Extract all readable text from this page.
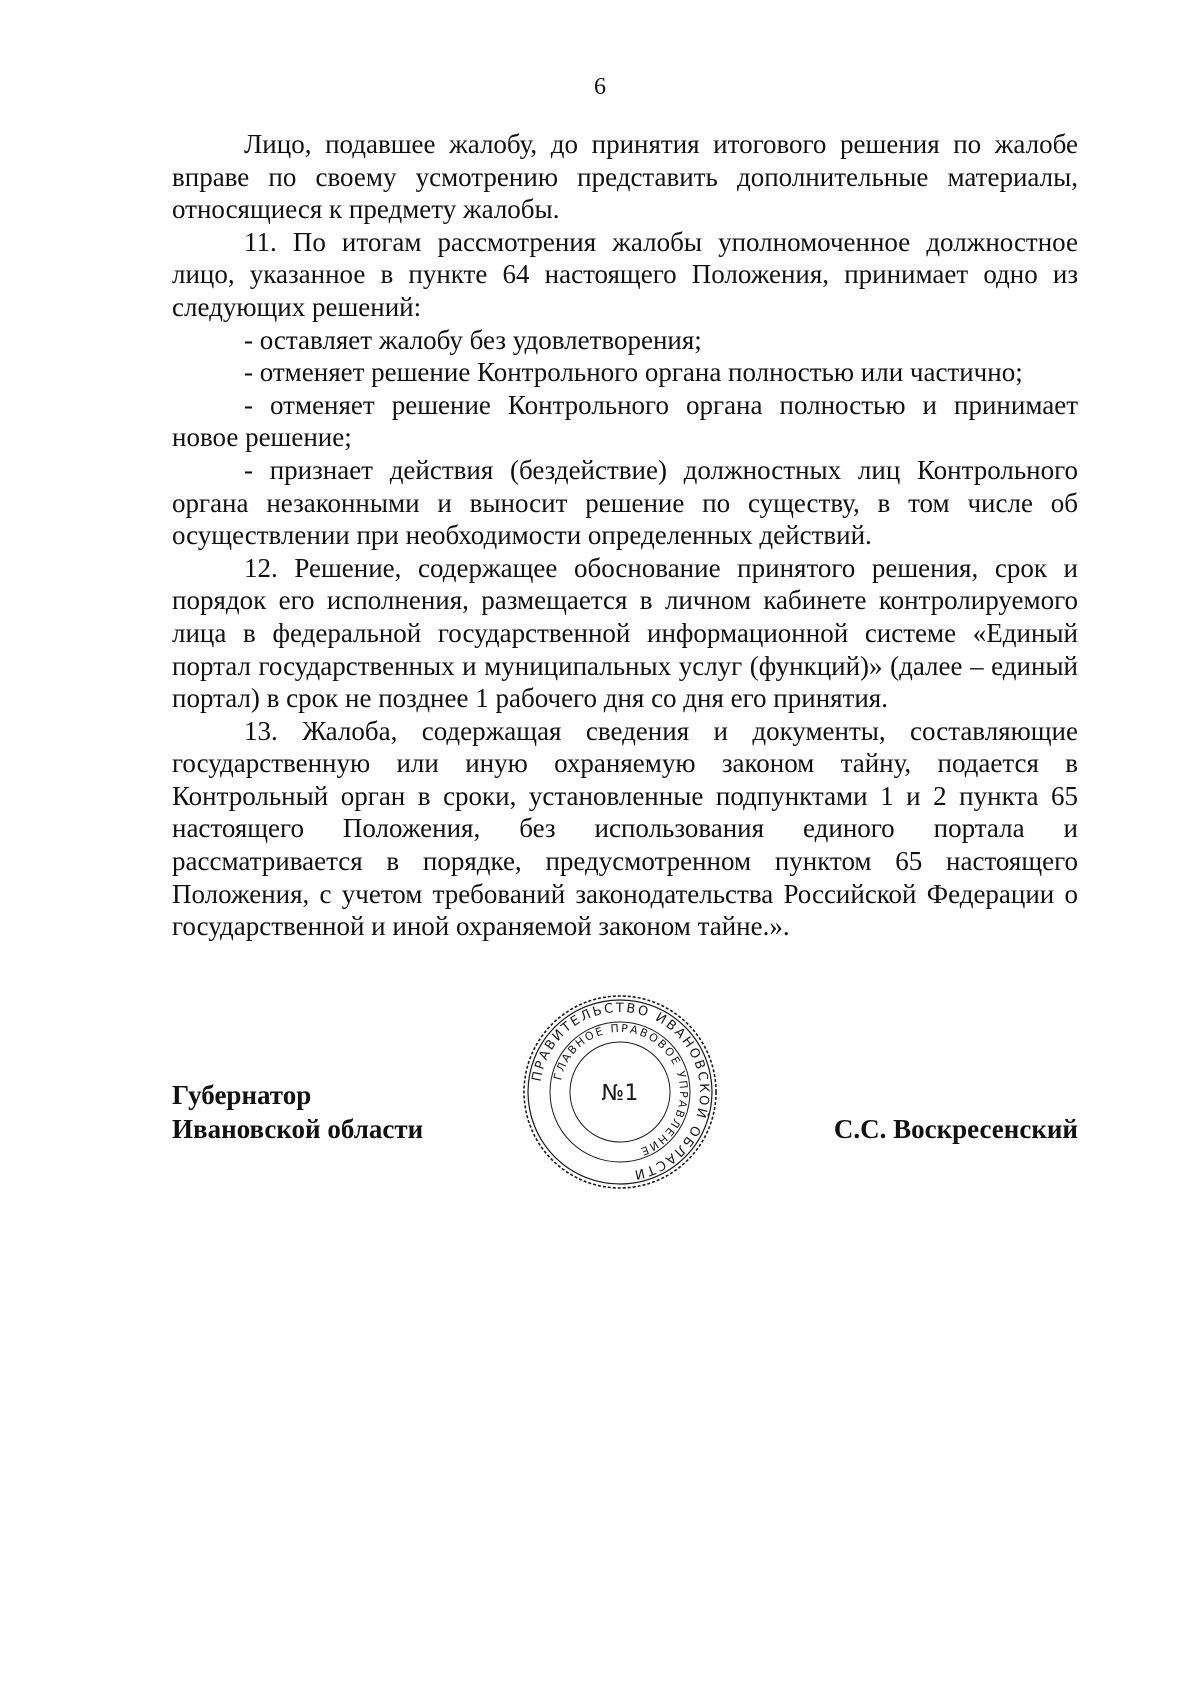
6

Лицо, подавшее жалобу, до принятия итогового решения по жалобе вправе по своему усмотрению представить дополнительные материалы, относящиеся к предмету жалобы.

11. По итогам рассмотрения жалобы уполномоченное должностное лицо, указанное в пункте 64 настоящего Положения, принимает одно из следующих решений:

- оставляет жалобу без удовлетворения;

- отменяет решение Контрольного органа полностью или частично;

- отменяет решение Контрольного органа полностью и принимает новое решение;

- признает действия (бездействие) должностных лиц Контрольного органа незаконными и выносит решение по существу, в том числе об осуществлении при необходимости определенных действий.

12. Решение, содержащее обоснование принятого решения, срок и порядок его исполнения, размещается в личном кабинете контролируемого лица в федеральной государственной информационной системе «Единый портал государственных и муниципальных услуг (функций)» (далее – единый портал) в срок не позднее 1 рабочего дня со дня его принятия.

13. Жалоба, содержащая сведения и документы, составляющие государственную или иную охраняемую законом тайну, подается в Контрольный орган в сроки, установленные подпунктами 1 и 2 пункта 65 настоящего Положения, без использования единого портала и рассматривается в порядке, предусмотренном пунктом 65 настоящего Положения, с учетом требований законодательства Российской Федерации о государственной и иной охраняемой законом тайне.».

Губернатор
Ивановской области
ПРАВИТЕЛЬСТВО ИВАНОВСКОЙ ОБЛАСТИ
ГЛАВНОЕ ПРАВОВОЕ УПРАВЛЕНИЕ
№1
С.С. Воскресенский
